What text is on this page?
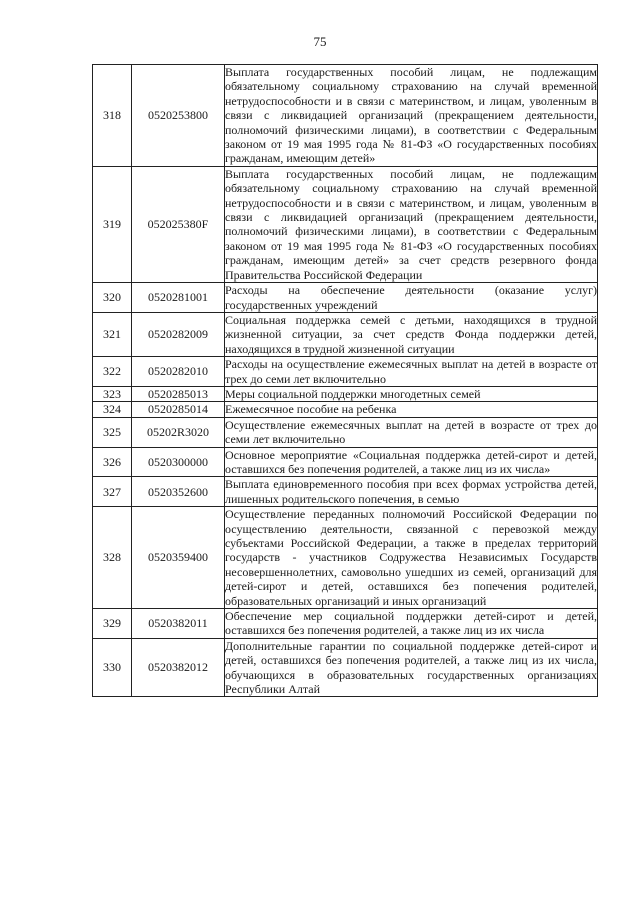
75
318	0520253800	Выплата государственных пособий лицам, не подлежащим обязательному социальному страхованию на случай временной нетрудоспособности и в связи с материнством, и лицам, уволенным в связи с ликвидацией организаций (прекращением деятельности, полномочий физическими лицами), в соответствии с Федеральным законом от 19 мая 1995 года № 81-ФЗ «О государственных пособиях гражданам, имеющим детей»
319	052025380F	Выплата государственных пособий лицам, не подлежащим обязательному социальному страхованию на случай временной нетрудоспособности и в связи с материнством, и лицам, уволенным в связи с ликвидацией организаций (прекращением деятельности, полномочий физическими лицами), в соответствии с Федеральным законом от 19 мая 1995 года № 81-ФЗ «О государственных пособиях гражданам, имеющим детей» за счет средств резервного фонда Правительства Российской Федерации
320	0520281001	Расходы на обеспечение деятельности (оказание услуг) государственных учреждений
321	0520282009	Социальная поддержка семей с детьми, находящихся в трудной жизненной ситуации, за счет средств Фонда поддержки детей, находящихся в трудной жизненной ситуации
322	0520282010	Расходы на осуществление ежемесячных выплат на детей в возрасте от трех до семи лет включительно
323	0520285013	Меры социальной поддержки многодетных семей
324	0520285014	Ежемесячное пособие на ребенка
325	05202R3020	Осуществление ежемесячных выплат на детей в возрасте от трех до семи лет включительно
326	0520300000	Основное мероприятие «Социальная поддержка детей-сирот и детей, оставшихся без попечения родителей, а также лиц из их числа»
327	0520352600	Выплата единовременного пособия при всех формах устройства детей, лишенных родительского попечения, в семью
328	0520359400	Осуществление переданных полномочий Российской Федерации по осуществлению деятельности, связанной с перевозкой между субъектами Российской Федерации, а также в пределах территорий государств - участников Содружества Независимых Государств несовершеннолетних, самовольно ушедших из семей, организаций для детей-сирот и детей, оставшихся без попечения родителей, образовательных организаций и иных организаций
329	0520382011	Обеспечение мер социальной поддержки детей-сирот и детей, оставшихся без попечения родителей, а также лиц из их числа
330	0520382012	Дополнительные гарантии по социальной поддержке детей-сирот и детей, оставшихся без попечения родителей, а также лиц из их числа, обучающихся в образовательных государственных организациях Республики Алтай
